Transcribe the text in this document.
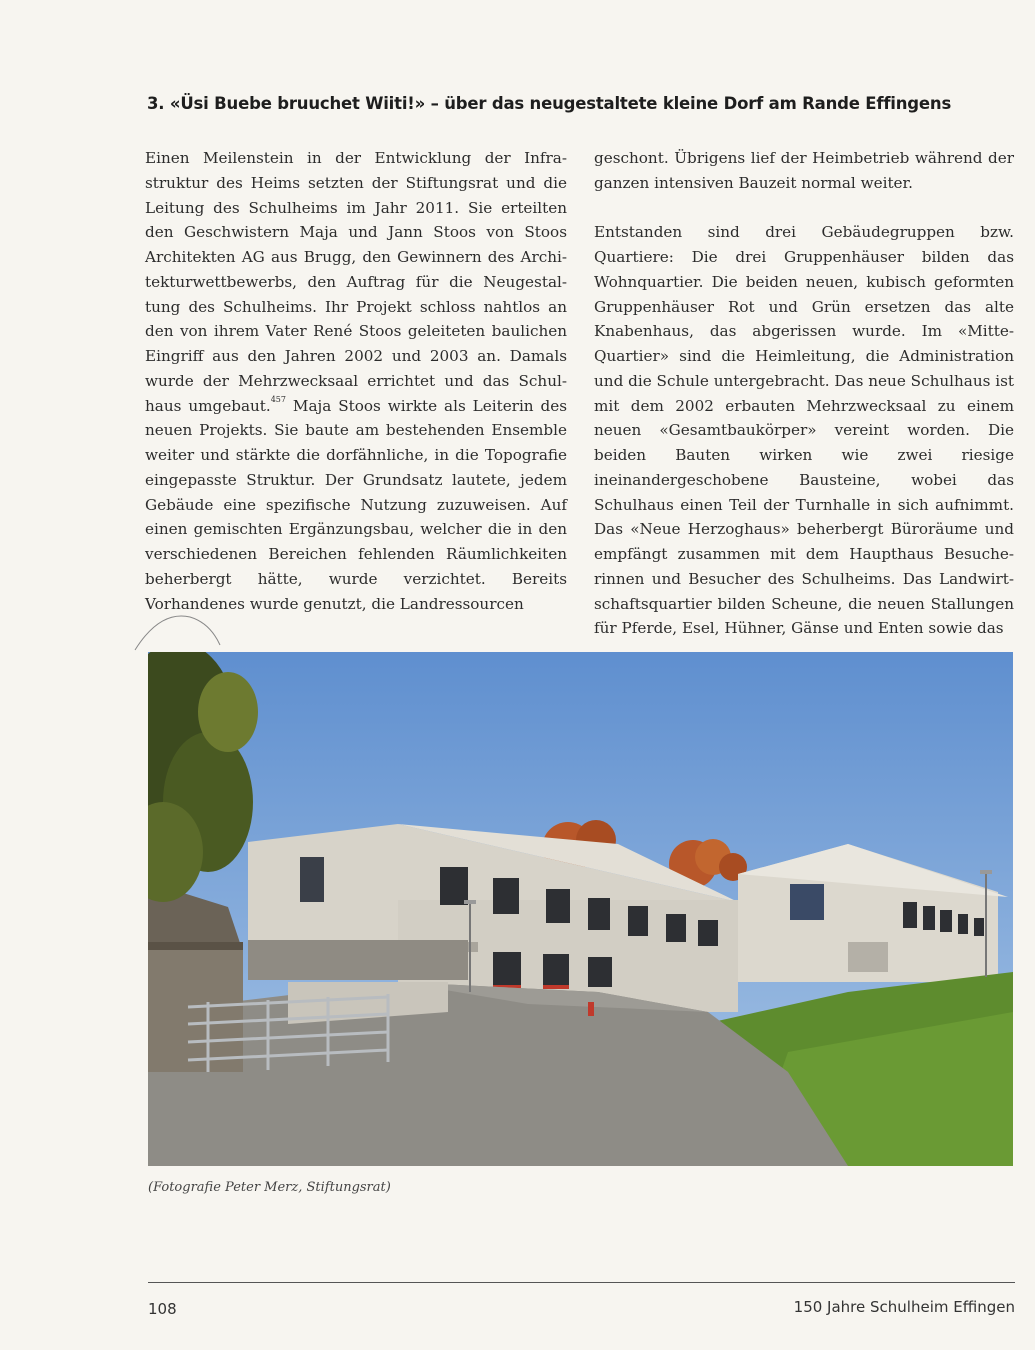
3. «Üsi Buebe bruuchet Wiiti!» – über das neugestaltete kleine Dorf am Rande Effingens

Einen Meilenstein in der Entwicklung der Infrastruktur des Heims setzten der Stiftungsrat und die Leitung des Schulheims im Jahr 2011. Sie erteilten den Geschwistern Maja und Jann Stoos von Stoos Architekten AG aus Brugg, den Gewinnern des Architekturwettbewerbs, den Auftrag für die Neugestaltung des Schulheims. Ihr Projekt schloss nahtlos an den von ihrem Vater René Stoos geleiteten baulichen Eingriff aus den Jahren 2002 und 2003 an. Damals wurde der Mehrzwecksaal errichtet und das Schulhaus umgebaut.$^{457}$ Maja Stoos wirkte als Leiterin des neuen Projekts. Sie baute am bestehenden Ensemble weiter und stärkte die dorfähnliche, in die Topografie eingepasste Struktur. Der Grundsatz lautete, jedem Gebäude eine spezifische Nutzung zuzuweisen. Auf einen gemischten Ergänzungsbau, welcher die in den verschiedenen Bereichen fehlenden Räumlichkeiten beherbergt hätte, wurde verzichtet. Bereits Vorhandenes wurde genutzt, die Landressourcen

geschont. Übrigens lief der Heimbetrieb während der ganzen intensiven Bauzeit normal weiter.

Entstanden sind drei Gebäudegruppen bzw. Quartiere: Die drei Gruppenhäuser bilden das Wohnquartier. Die beiden neuen, kubisch geformten Gruppenhäuser Rot und Grün ersetzen das alte Knabenhaus, das abgerissen wurde. Im «Mitte-Quartier» sind die Heimleitung, die Administration und die Schule untergebracht. Das neue Schulhaus ist mit dem 2002 erbauten Mehrzwecksaal zu einem neuen «Gesamtbaukörper» vereint worden. Die beiden Bauten wirken wie zwei riesige ineinandergeschobene Bausteine, wobei das Schulhaus einen Teil der Turnhalle in sich aufnimmt. Das «Neue Herzoghaus» beherbergt Büroräume und empfängt zusammen mit dem Haupthaus Besucherinnen und Besucher des Schulheims. Das Landwirtschaftsquartier bilden Scheune, die neuen Stallungen für Pferde, Esel, Hühner, Gänse und Enten sowie das

(Fotografie Peter Merz, Stiftungsrat)
108	150 Jahre Schulheim Effingen
